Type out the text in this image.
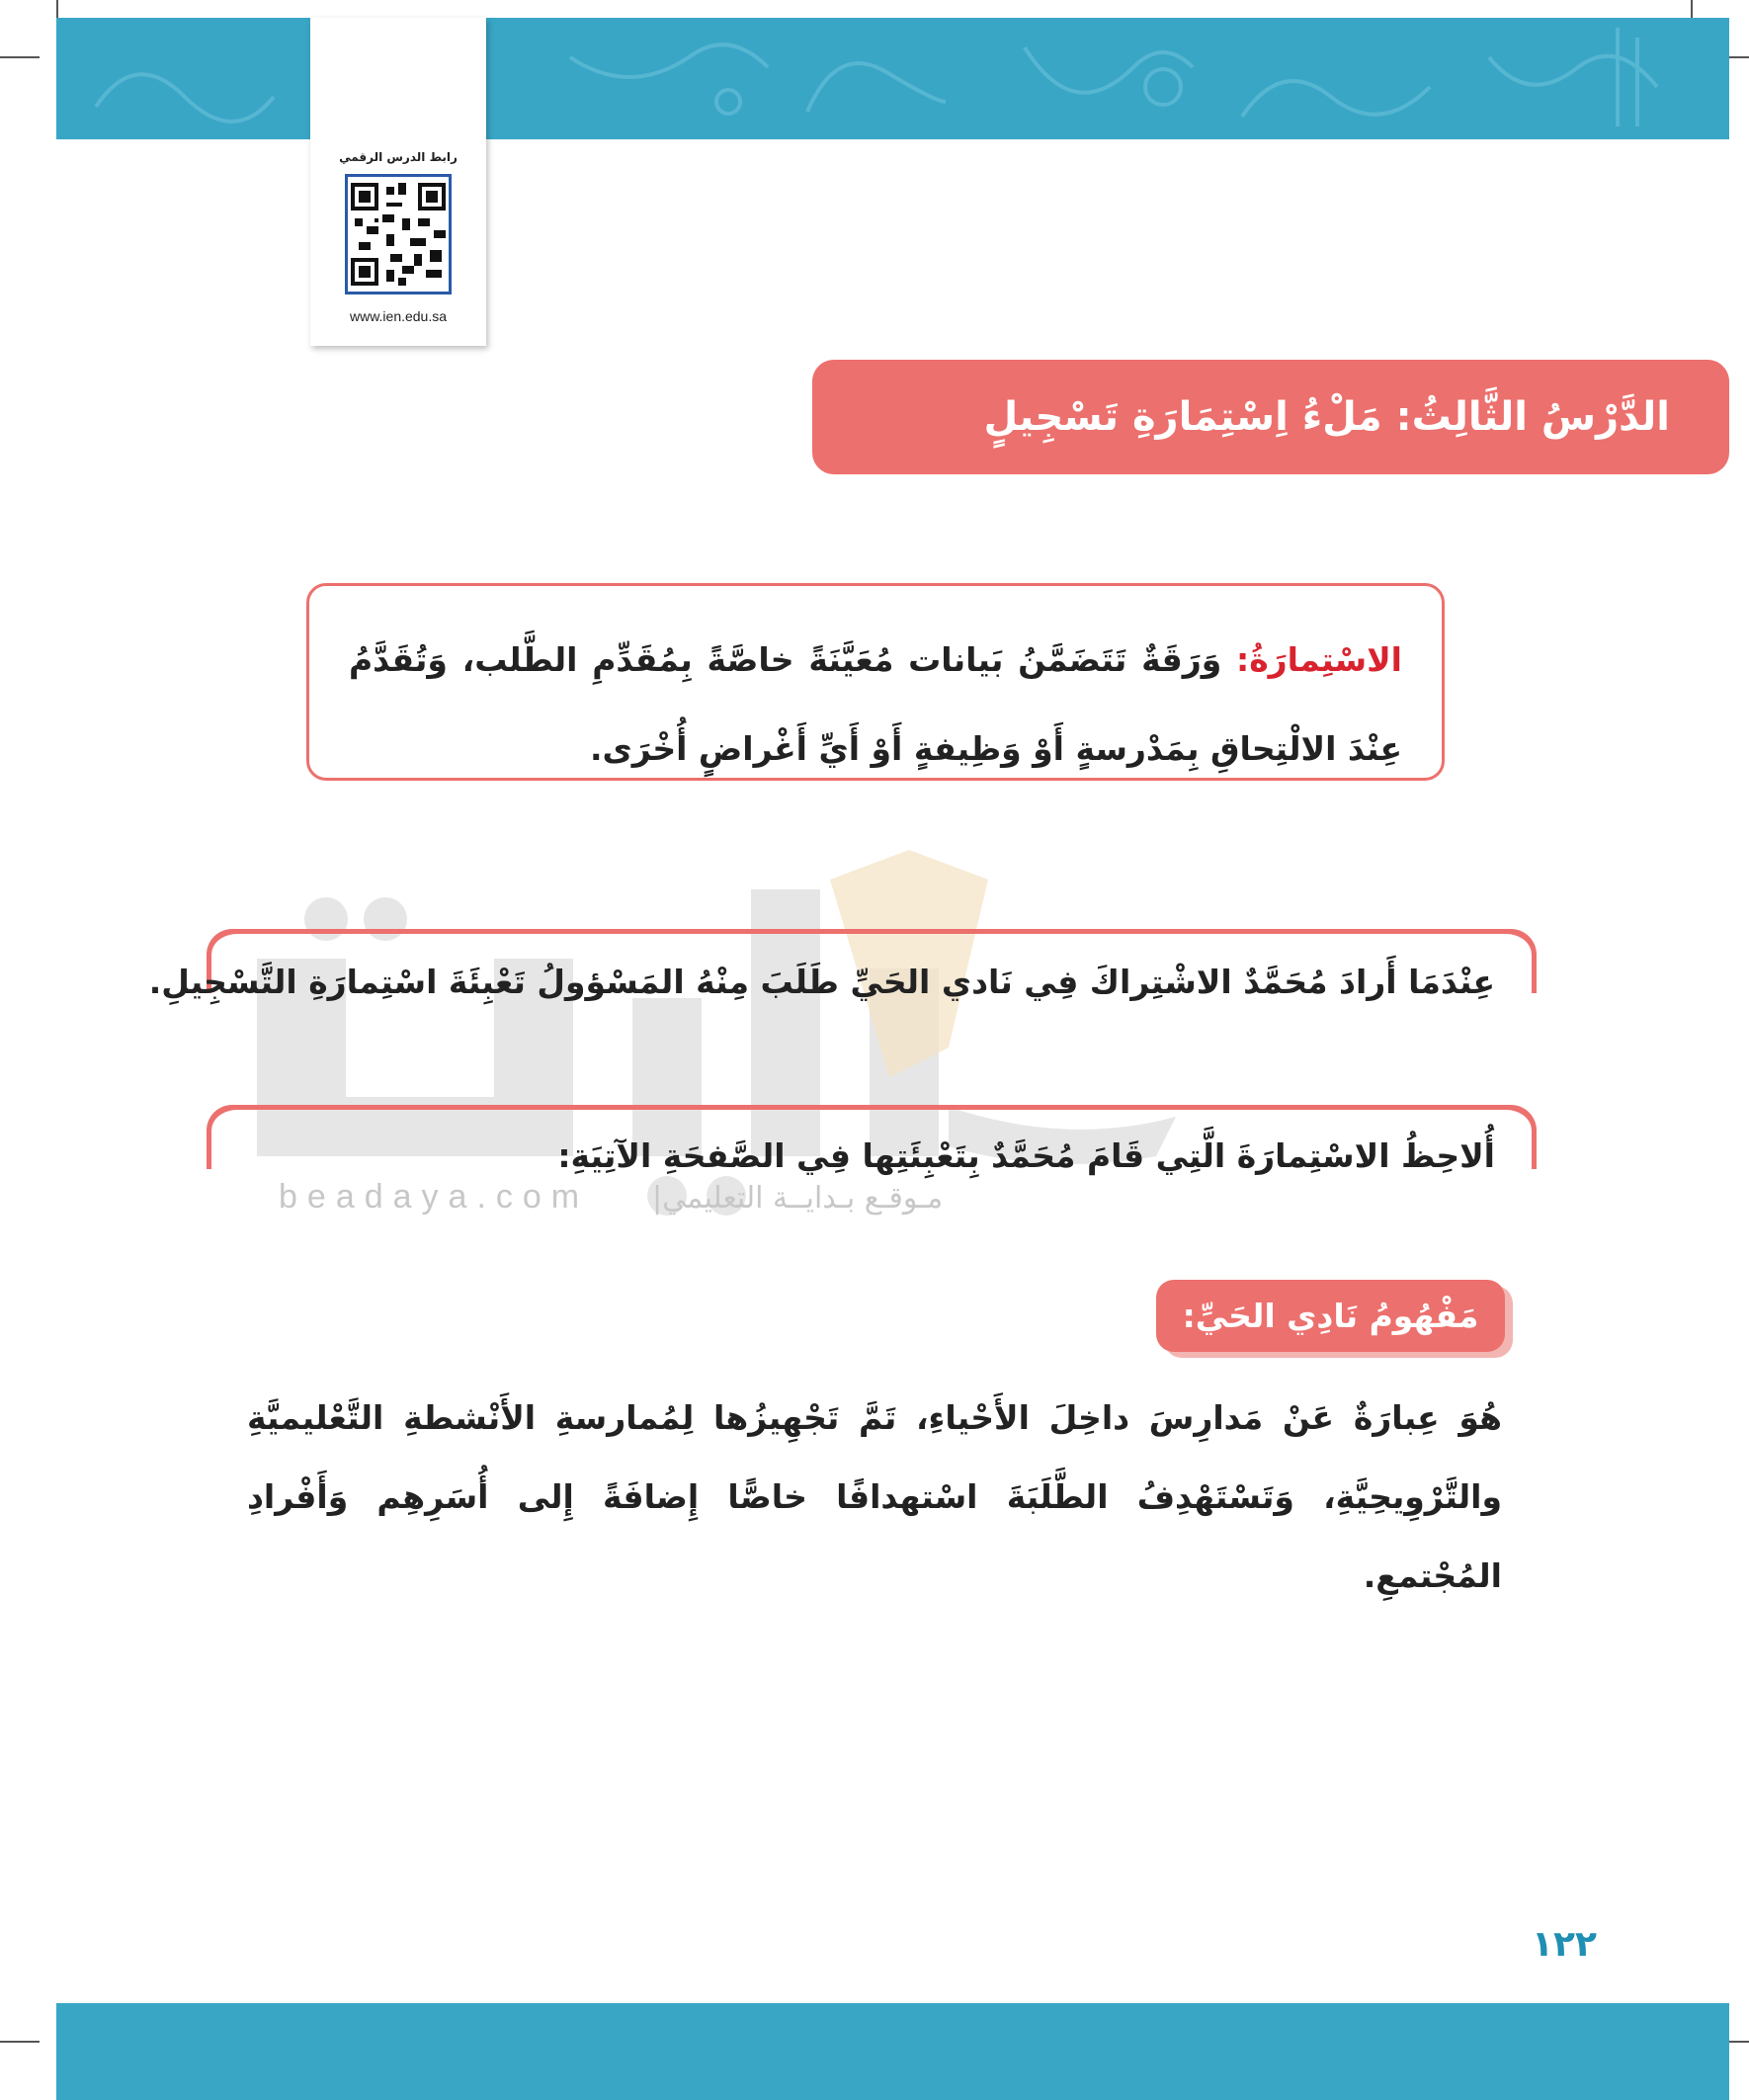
رابط الدرس الرقمي
www.ien.edu.sa
الدَّرْسُ الثَّالِثُ: مَلْءُ اِسْتِمَارَةِ تَسْجِيلٍ

الاسْتِمارَةُ: وَرَقَةٌ تَتَضَمَّنُ بَيانات مُعَيَّنَةً خاصَّةً بِمُقَدِّمِ الطَّلب، وَتُقَدَّمُ عِنْدَ الالْتِحاقِ بِمَدْرسةٍ أَوْ وَظِيفةٍ أَوْ أَيِّ أَغْراضٍ أُخْرَى.

beadaya.com مـوقـع بـدايــة التعليمي|
عِنْدَمَا أَرادَ مُحَمَّدٌ الاشْتِراكَ فِي نَادي الحَيِّ طَلَبَ مِنْهُ المَسْؤولُ تَعْبِئَةَ اسْتِمارَةِ التَّسْجِيلِ.
أُلاحِظُ الاسْتِمارَةَ الَّتِي قَامَ مُحَمَّدٌ بِتَعْبِئَتِها فِي الصَّفحَةِ الآتِيَةِ:
مَفْهُومُ نَادِي الحَيِّ:
هُوَ عِبارَةٌ عَنْ مَدارِسَ داخِلَ الأَحْياءِ، تَمَّ تَجْهِيزُها لِمُمارسةِ الأَنْشطةِ التَّعْليميَّةِ والتَّرْوِيحِيَّةِ، وَتَسْتَهْدِفُ الطَّلَبَةَ اسْتهدافًا خاصًّا إِضافَةً إِلى أُسَرِهِم وَأَفْرادِ المُجْتمعِ.
١٢٢
